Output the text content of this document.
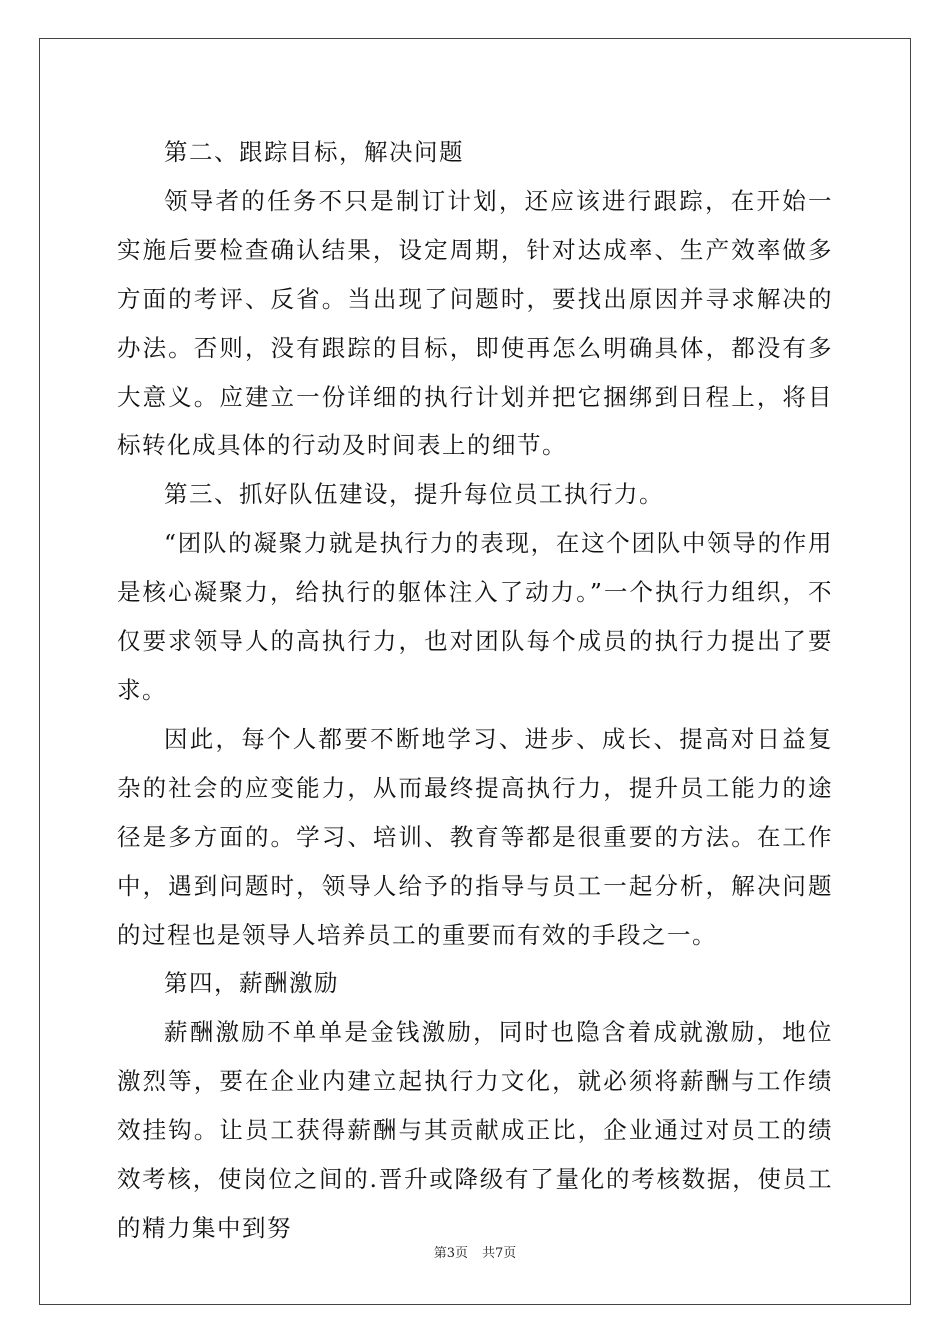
第二、跟踪目标，解决问题

领导者的任务不只是制订计划，还应该进行跟踪，在开始一实施后要检查确认结果，设定周期，针对达成率、生产效率做多方面的考评、反省。当出现了问题时，要找出原因并寻求解决的办法。否则，没有跟踪的目标，即使再怎么明确具体，都没有多大意义。应建立一份详细的执行计划并把它捆绑到日程上，将目标转化成具体的行动及时间表上的细节。

第三、抓好队伍建设，提升每位员工执行力。

“团队的凝聚力就是执行力的表现，在这个团队中领导的作用是核心凝聚力，给执行的躯体注入了动力。”一个执行力组织，不仅要求领导人的高执行力，也对团队每个成员的执行力提出了要求。

因此，每个人都要不断地学习、进步、成长、提高对日益复杂的社会的应变能力，从而最终提高执行力，提升员工能力的途径是多方面的。学习、培训、教育等都是很重要的方法。在工作中，遇到问题时，领导人给予的指导与员工一起分析，解决问题的过程也是领导人培养员工的重要而有效的手段之一。

第四，薪酬激励

薪酬激励不单单是金钱激励，同时也隐含着成就激励，地位激烈等，要在企业内建立起执行力文化，就必须将薪酬与工作绩效挂钩。让员工获得薪酬与其贡献成正比，企业通过对员工的绩效考核，使岗位之间的.晋升或降级有了量化的考核数据，使员工的精力集中到努

第3页 共7页
